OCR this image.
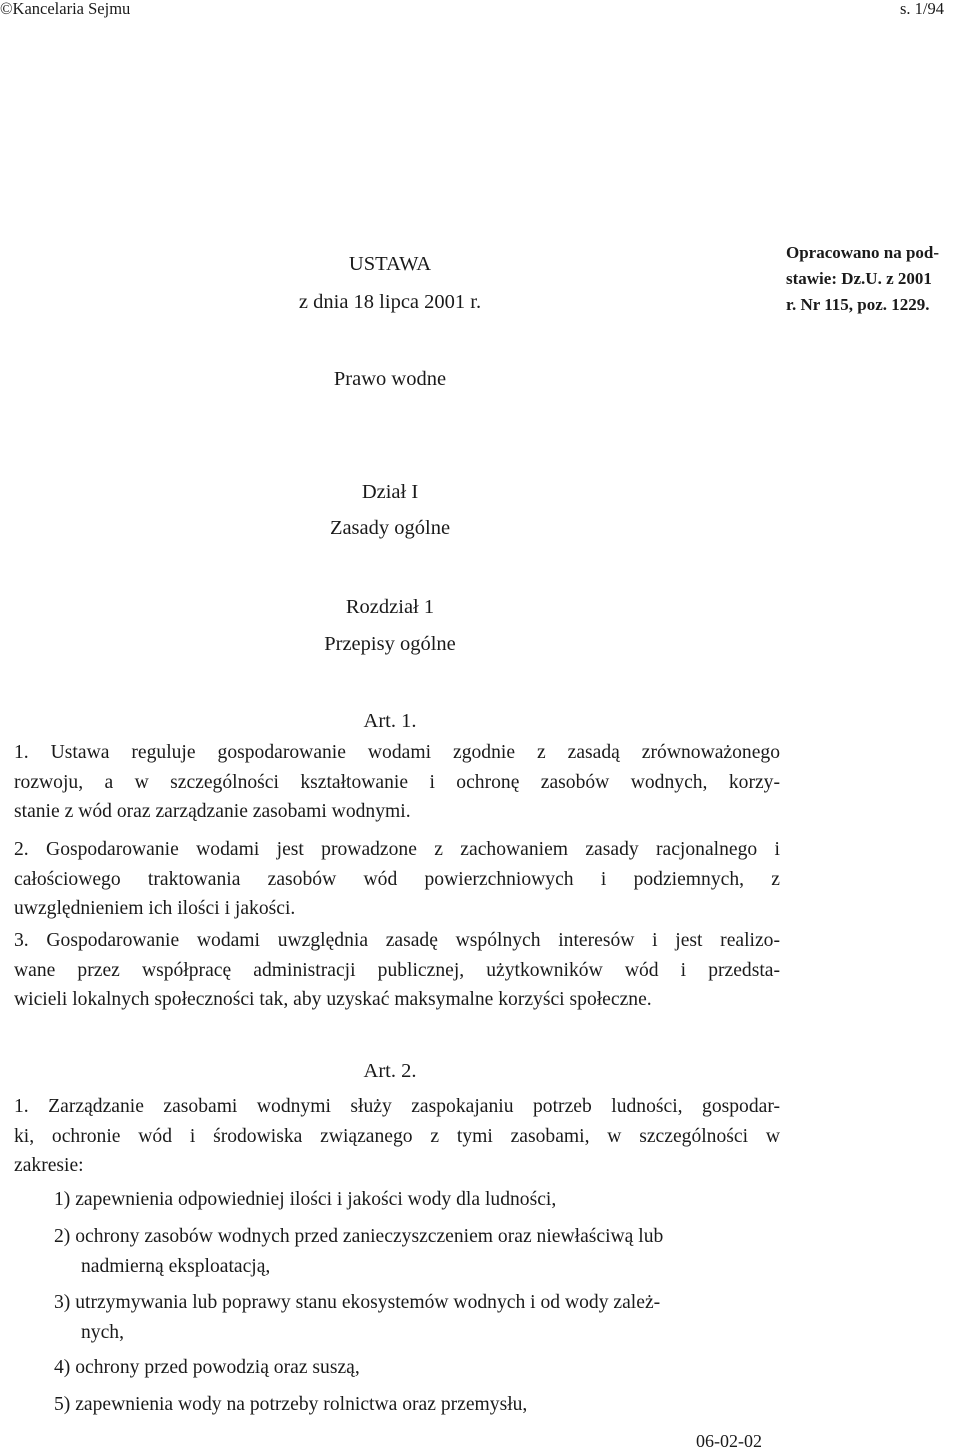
©Kancelaria Sejmu	s. 1/94
USTAWA
z dnia 18 lipca 2001 r.
Opracowano na pod-
stawie: Dz.U. z 2001
r. Nr 115, poz. 1229.
Prawo wodne
Dział I
Zasady ogólne
Rozdział 1
Przepisy ogólne
Art. 1.
1. Ustawa reguluje gospodarowanie wodami zgodnie z zasadą zrównoważonego
rozwoju, a w szczególności kształtowanie i ochronę zasobów wodnych, korzy-
stanie z wód oraz zarządzanie zasobami wodnymi.
2. Gospodarowanie wodami jest prowadzone z zachowaniem zasady racjonalnego i
całościowego traktowania zasobów wód powierzchniowych i podziemnych, z
uwzględnieniem ich ilości i jakości.
3. Gospodarowanie wodami uwzględnia zasadę wspólnych interesów i jest realizo-
wane przez współpracę administracji publicznej, użytkowników wód i przedsta-
wicieli lokalnych społeczności tak, aby uzyskać maksymalne korzyści społeczne.
Art. 2.
1. Zarządzanie zasobami wodnymi służy zaspokajaniu potrzeb ludności, gospodar-
ki, ochronie wód i środowiska związanego z tymi zasobami, w szczególności w
zakresie:
1) zapewnienia odpowiedniej ilości i jakości wody dla ludności,
2) ochrony zasobów wodnych przed zanieczyszczeniem oraz niewłaściwą lub
nadmierną eksploatacją,
3) utrzymywania lub poprawy stanu ekosystemów wodnych i od wody zależ-
nych,
4) ochrony przed powodzią oraz suszą,
5) zapewnienia wody na potrzeby rolnictwa oraz przemysłu,
06-02-02
